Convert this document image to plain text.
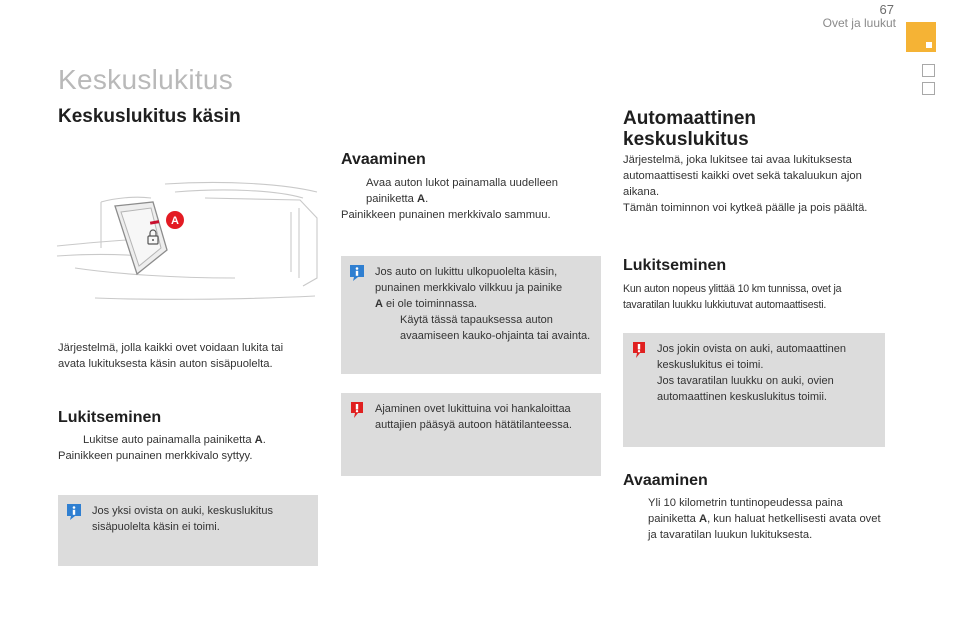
67
Ovet ja luukut
Keskuslukitus
Keskuslukitus käsin
A

Järjestelmä, jolla kaikki ovet voidaan lukita tai avata lukituksesta käsin auton sisäpuolelta.

Lukitseminen
Lukitse auto painamalla painiketta A.

Painikkeen punainen merkkivalo syttyy.

Jos yksi ovista on auki, keskuslukitus sisäpuolelta käsin ei toimi.
Avaaminen
Avaa auton lukot painamalla uudelleen painiketta A.

Painikkeen punainen merkkivalo sammuu.

Jos auto on lukittu ulkopuolelta käsin, punainen merkkivalo vilkkuu ja painike
A ei ole toiminnassa.
Käytä tässä tapauksessa auton avaamiseen kauko-ohjainta tai avainta.
Ajaminen ovet lukittuina voi hankaloittaa auttajien pääsyä autoon hätätilanteessa.
Automaattinen
keskuslukitus

Järjestelmä, joka lukitsee tai avaa lukituksesta automaattisesti kaikki ovet sekä takaluukun ajon aikana.

Tämän toiminnon voi kytkeä päälle ja pois päältä.

Lukitseminen

Kun auton nopeus ylittää 10 km tunnissa, ovet ja tavaratilan luukku lukkiutuvat automaattisesti.

Jos jokin ovista on auki, automaattinen keskuslukitus ei toimi.
Jos tavaratilan luukku on auki, ovien automaattinen keskuslukitus toimii.
Avaaminen
Yli 10 kilometrin tuntinopeudessa paina painiketta A, kun haluat hetkellisesti avata ovet ja tavaratilan luukun lukituksesta.
